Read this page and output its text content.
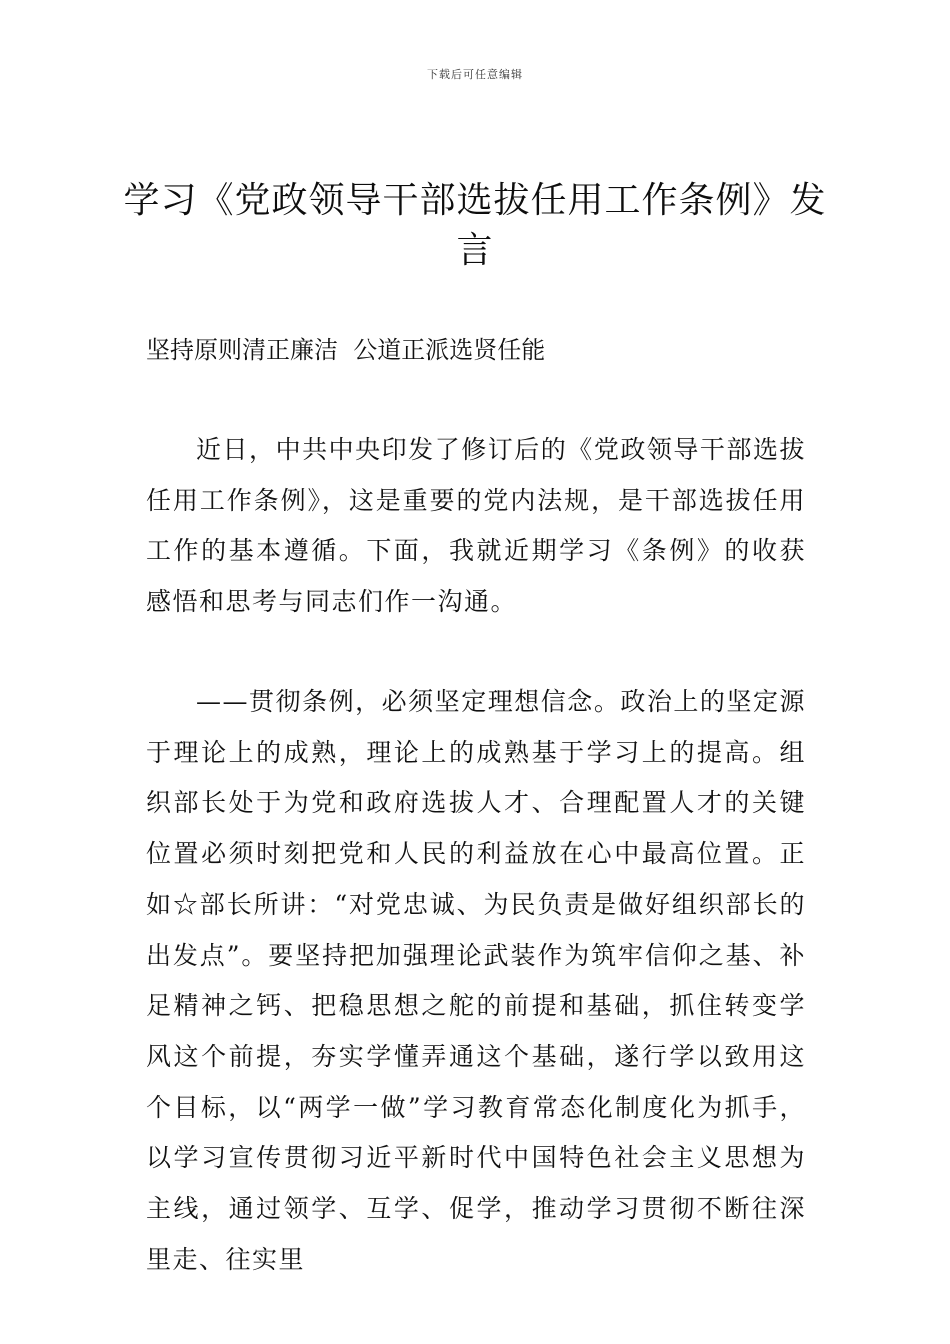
下载后可任意编辑
学习《党政领导干部选拔任用工作条例》发言
坚持原则清正廉洁  公道正派选贤任能
近日，中共中央印发了修订后的《党政领导干部选拔任用工作条例》，这是重要的党内法规，是干部选拔任用工作的基本遵循。下面，我就近期学习《条例》的收获感悟和思考与同志们作一沟通。
——贯彻条例，必须坚定理想信念。政治上的坚定源于理论上的成熟，理论上的成熟基于学习上的提高。组织部长处于为党和政府选拔人才、合理配置人才的关键位置必须时刻把党和人民的利益放在心中最高位置。正如☆部长所讲：“对党忠诚、为民负责是做好组织部长的出发点”。要坚持把加强理论武装作为筑牢信仰之基、补足精神之钙、把稳思想之舵的前提和基础，抓住转变学风这个前提，夯实学懂弄通这个基础，遂行学以致用这个目标，以“两学一做”学习教育常态化制度化为抓手，以学习宣传贯彻习近平新时代中国特色社会主义思想为主线，通过领学、互学、促学，推动学习贯彻不断往深里走、往实里
